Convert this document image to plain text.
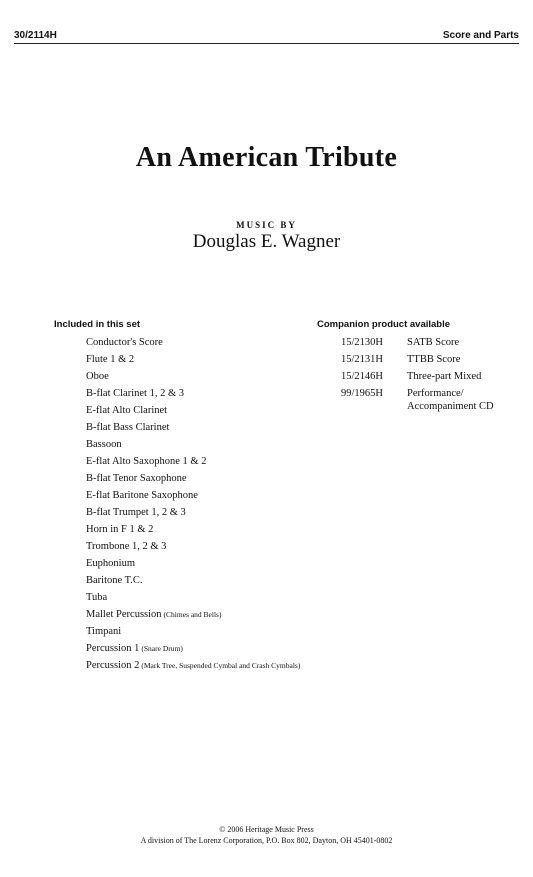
30/2114H	Score and Parts
An American Tribute
MUSIC BY
Douglas E. Wagner
Included in this set	Companion product available
Conductor's Score
Flute 1 & 2
Oboe
B-flat Clarinet 1, 2 & 3
E-flat Alto Clarinet
B-flat Bass Clarinet
Bassoon
E-flat Alto Saxophone 1 & 2
B-flat Tenor Saxophone
E-flat Baritone Saxophone
B-flat Trumpet 1, 2 & 3
Horn in F 1 & 2
Trombone 1, 2 & 3
Euphonium
Baritone T.C.
Tuba
Mallet Percussion (Chimes and Bells)
Timpani
Percussion 1 (Snare Drum)
Percussion 2 (Mark Tree, Suspended Cymbal and Crash Cymbals)
15/2130H	SATB Score
15/2131H	TTBB Score
15/2146H	Three-part Mixed
99/1965H	Performance/ Accompaniment CD
© 2006 Heritage Music Press
A division of The Lorenz Corporation, P.O. Box 802, Dayton, OH 45401-0802
